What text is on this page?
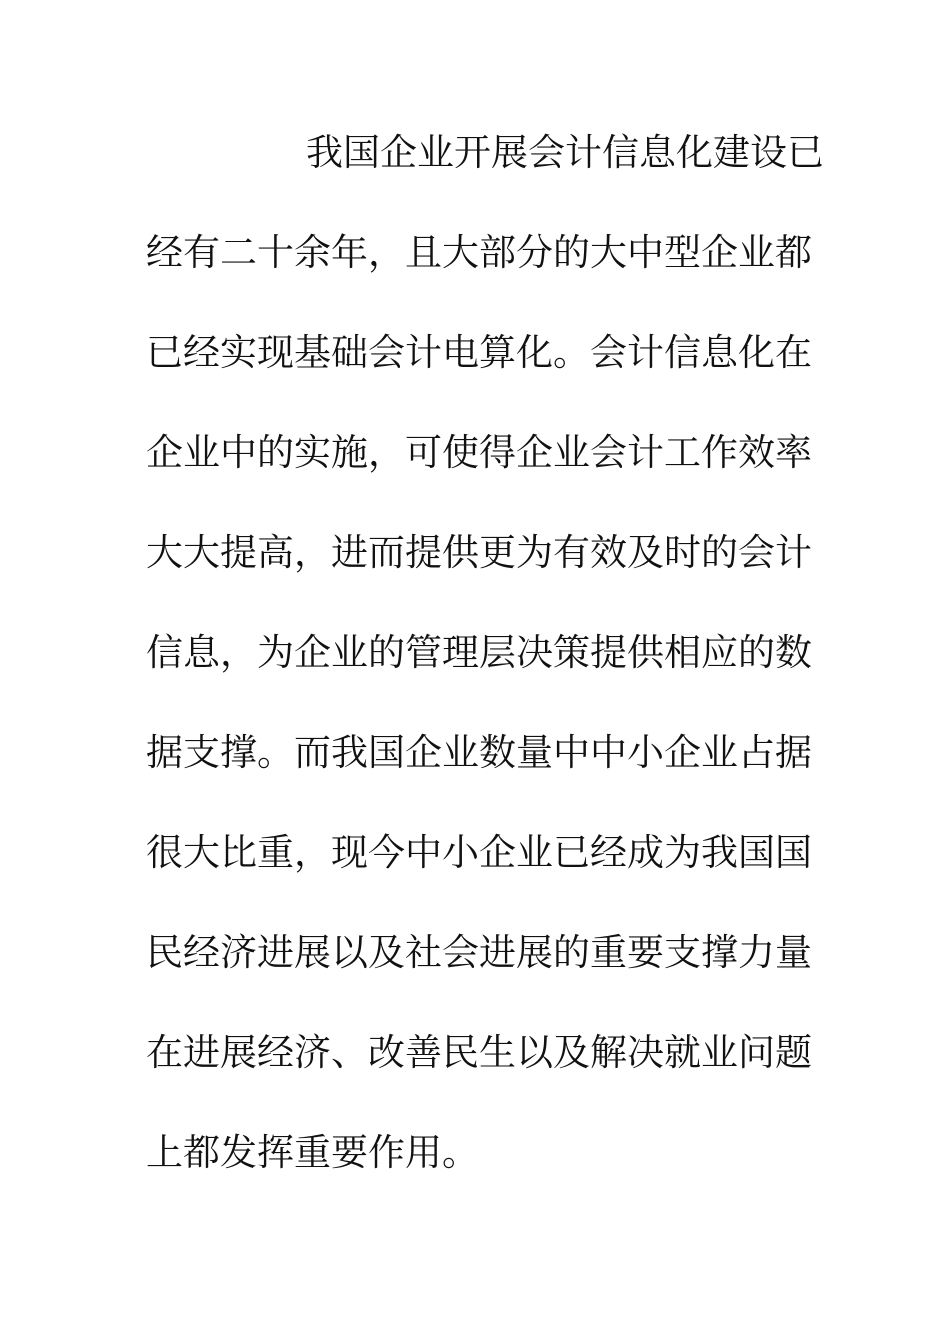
我国企业开展会计信息化建设已
经有二十余年，且大部分的大中型企业都
已经实现基础会计电算化。会计信息化在
企业中的实施，可使得企业会计工作效率
大大提高，进而提供更为有效及时的会计
信息，为企业的管理层决策提供相应的数
据支撑。而我国企业数量中中小企业占据
很大比重，现今中小企业已经成为我国国
民经济进展以及社会进展的重要支撑力量
在进展经济、改善民生以及解决就业问题
上都发挥重要作用。
